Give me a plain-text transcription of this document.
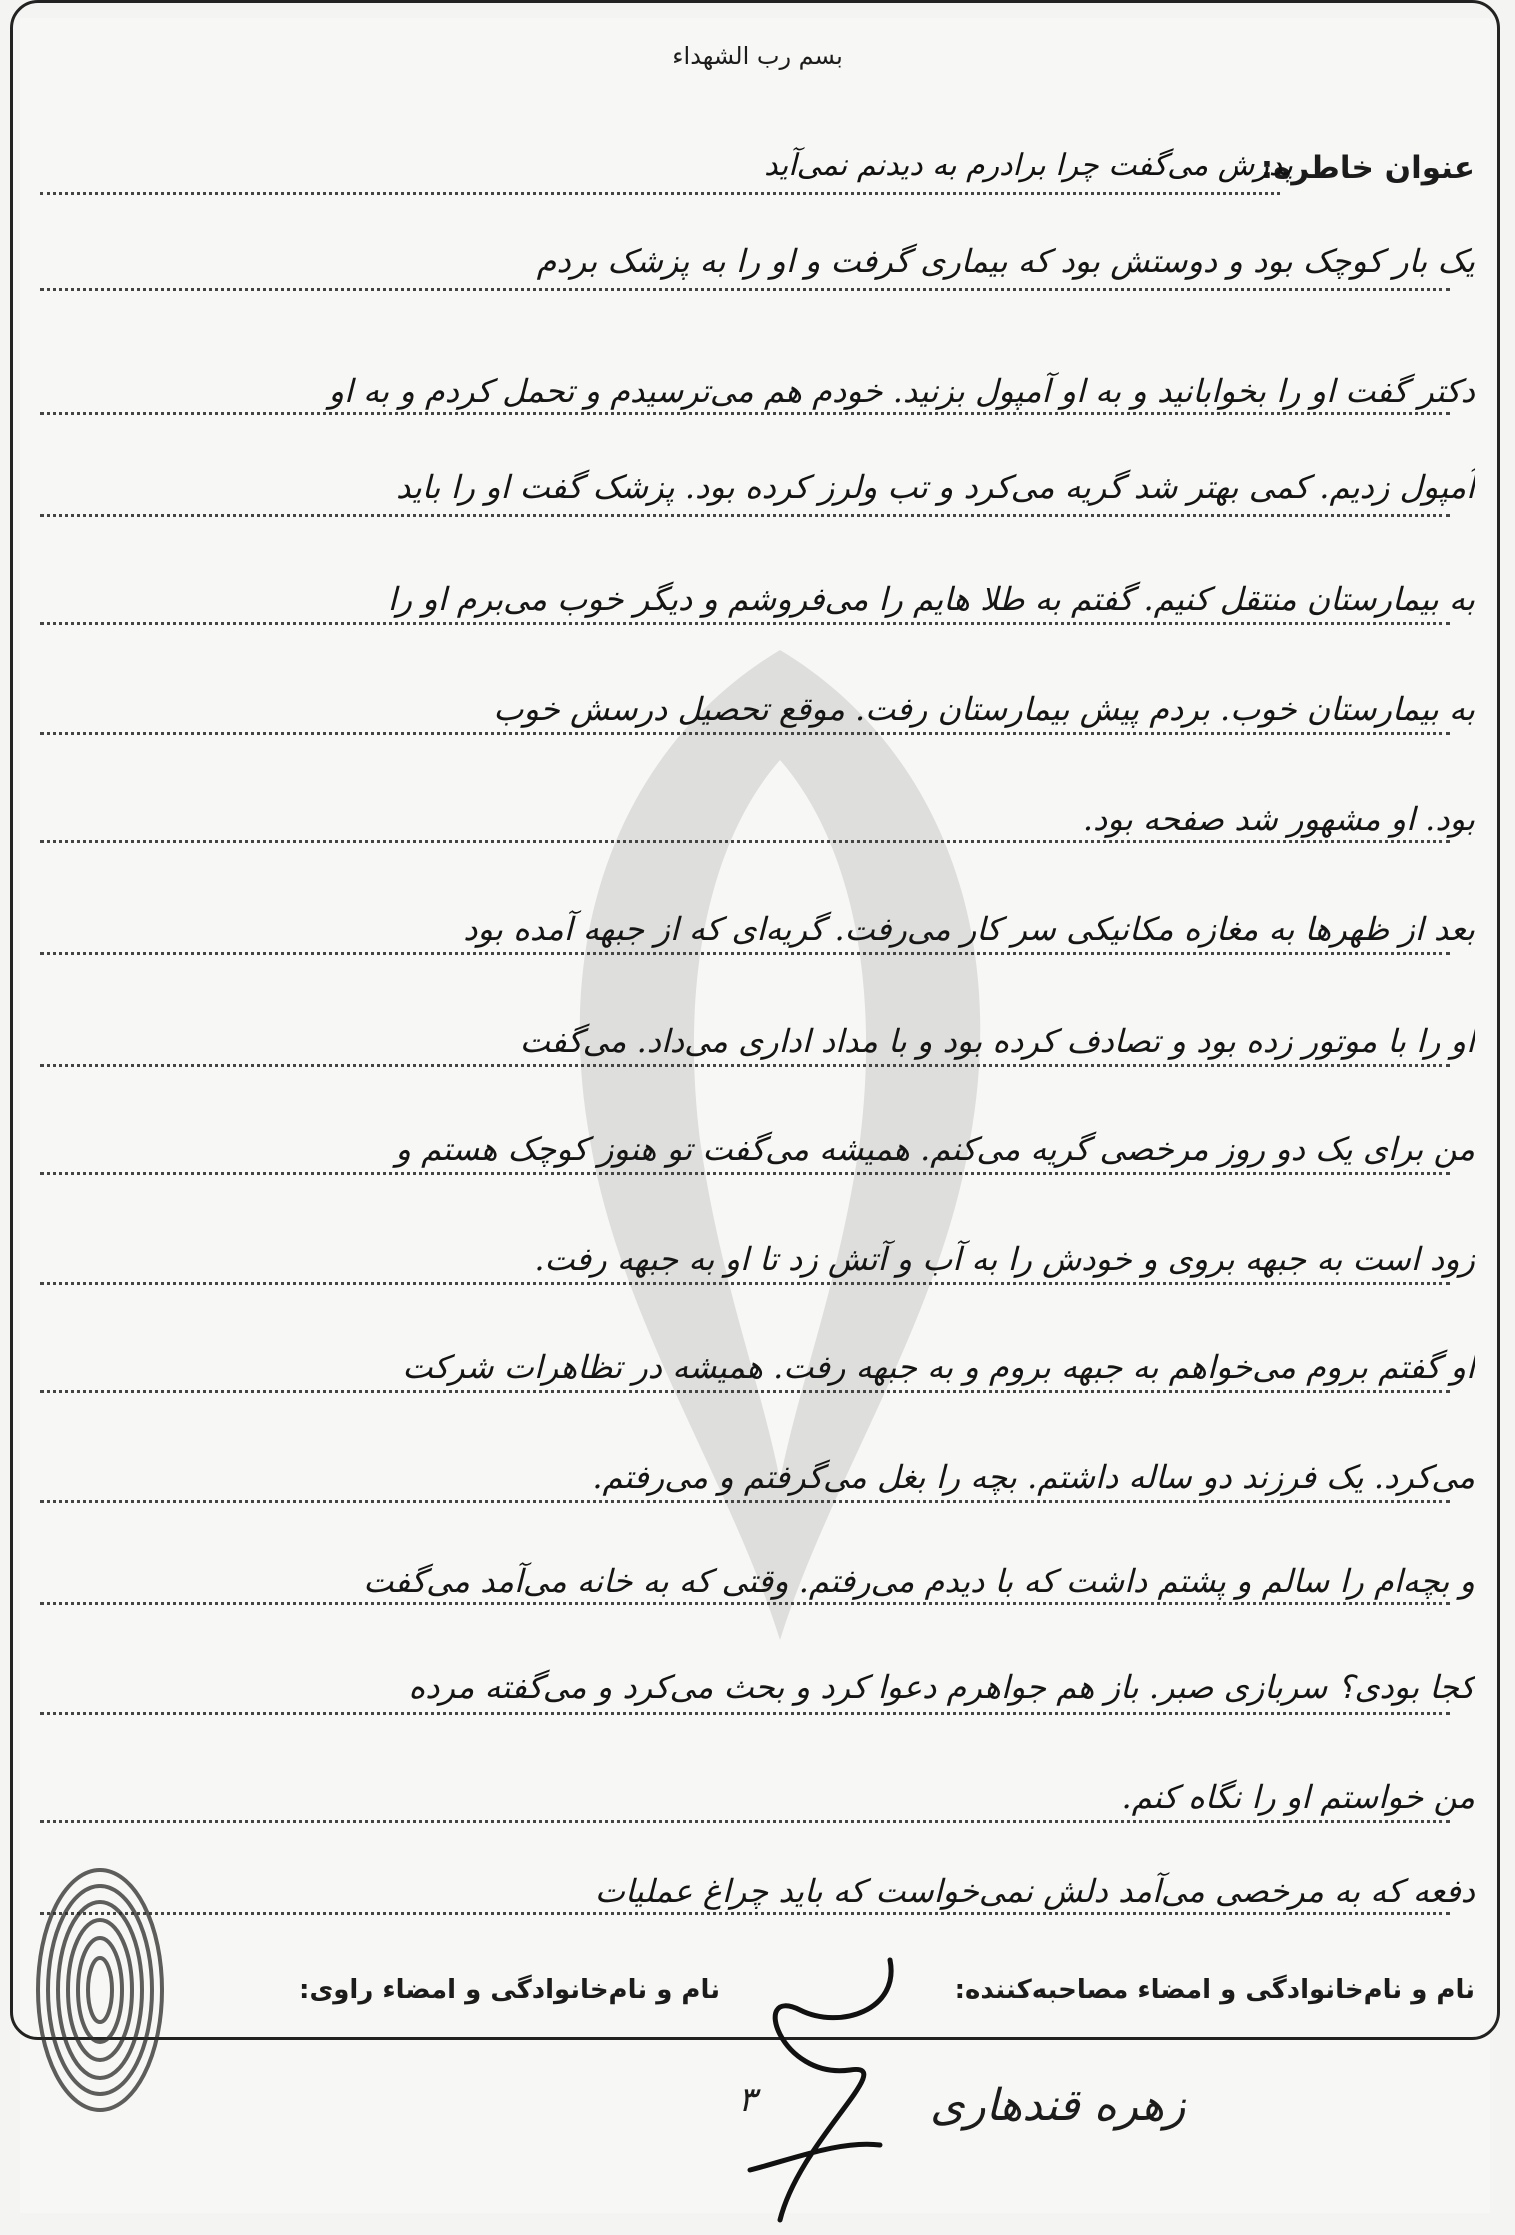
بسم رب الشهداء
عنوان خاطره:
پدرش می‌گفت چرا برادرم به دیدنم نمی‌آید
یک بار کوچک بود و دوستش بود که بیماری گرفت و او را به پزشک بردم
دکتر گفت او را بخوابانید و به او آمپول بزنید. خودم هم می‌ترسیدم و تحمل کردم و به او
آمپول زدیم. کمی بهتر شد گریه می‌کرد و تب ولرز کرده بود. پزشک گفت او را باید
به بیمارستان منتقل کنیم. گفتم به طلا هایم را می‌فروشم و دیگر خوب می‌برم او را
به بیمارستان خوب. بردم پیش بیمارستان رفت. موقع تحصیل درسش خوب
بود. او مشهور شد صفحه بود.
بعد از ظهرها به مغازه مکانیکی سر کار می‌رفت. گریه‌ای که از جبهه آمده بود
او را با موتور زده بود و تصادف کرده بود و با مداد اداری می‌داد. می‌گفت
من برای یک دو روز مرخصی گریه می‌کنم. همیشه می‌گفت تو هنوز کوچک هستم و
زود است به جبهه بروی و خودش را به آب و آتش زد تا او به جبهه رفت.
او گفتم بروم می‌خواهم به جبهه بروم و به جبهه رفت. همیشه در تظاهرات شرکت
می‌کرد. یک فرزند دو ساله داشتم. بچه را بغل می‌گرفتم و می‌رفتم.
و بچه‌ام را سالم و پشتم داشت که با دیدم می‌رفتم. وقتی که به خانه می‌آمد می‌گفت
کجا بودی؟ سربازی صبر. باز هم جواهرم دعوا کرد و بحث می‌کرد و می‌گفته مرده
من خواستم او را نگاه کنم.
دفعه که به مرخصی می‌آمد دلش نمی‌خواست که باید چراغ عملیات
نام و نام‌خانوادگی و امضاء مصاحبه‌کننده:
نام و نام‌خانوادگی و امضاء راوی:
۳	زهره قندهاری
